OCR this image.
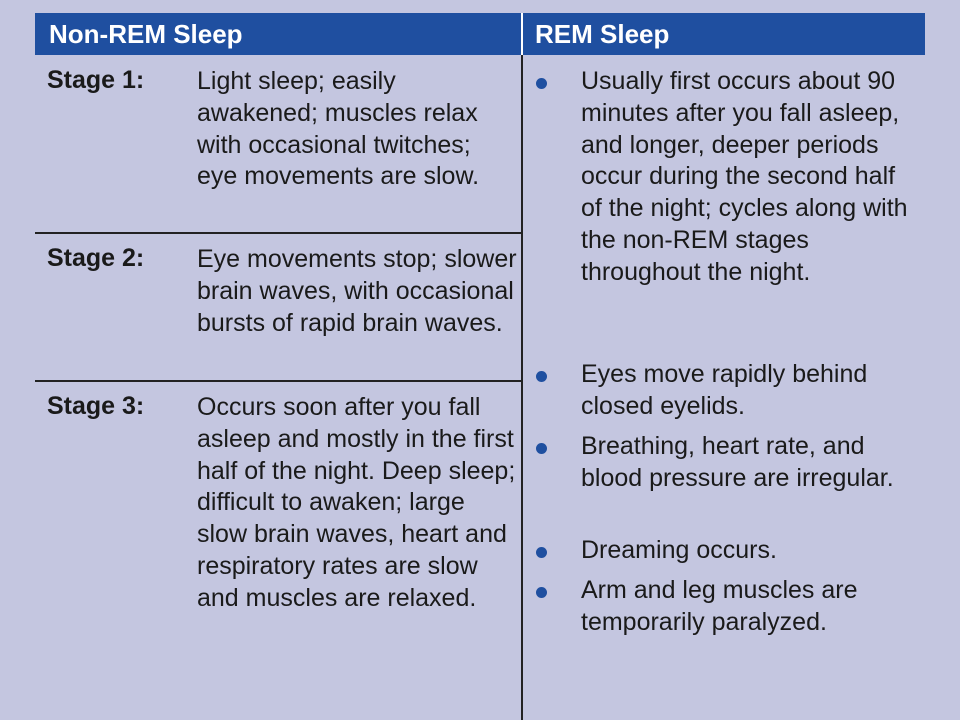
Non-REM Sleep	REM Sleep
Stage 1: Light sleep; easily awakened; muscles relax with occasional twitches; eye movements are slow.
Stage 2: Eye movements stop; slower brain waves, with occasional bursts of rapid brain waves.
Stage 3: Occurs soon after you fall asleep and mostly in the first half of the night. Deep sleep; difficult to awaken; large slow brain waves, heart and respiratory rates are slow and muscles are relaxed.
Usually first occurs about 90 minutes after you fall asleep, and longer, deeper periods occur during the second half of the night; cycles along with the non-REM stages throughout the night.
Eyes move rapidly behind closed eyelids.
Breathing, heart rate, and blood pressure are irregular.
Dreaming occurs.
Arm and leg muscles are temporarily paralyzed.
